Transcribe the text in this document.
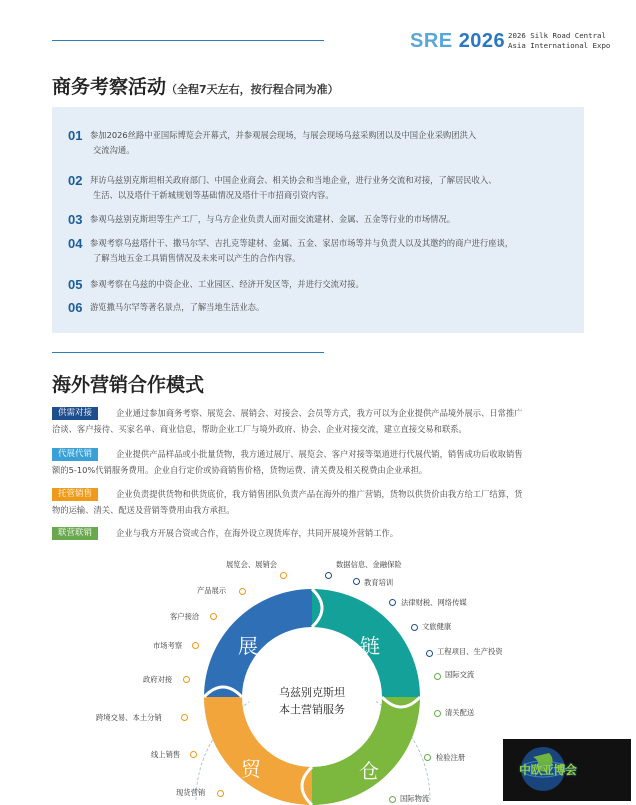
SRE 2026 2026 Silk Road Central
Asia International Expo
商务考察活动（全程7天左右，按行程合同为准）
01 参加2026丝路中亚国际博览会开幕式，并参观展会现场，与展会现场乌兹采购团以及中国企业采购团洪入
交流沟通。
02 拜访乌兹别克斯坦相关政府部门、中国企业商会、相关协会和当地企业，进行业务交流和对接，了解居民收入、
生活、以及塔什干新城规划等基础情况及塔什干市招商引资内容。
03 参观乌兹别克斯坦等生产工厂，与乌方企业负责人面对面交流建材、金属、五金等行业的市场情况。
04 参观考察乌兹塔什干、撒马尔罕、吉扎克等建材、金属、五金、家居市场等并与负责人以及其邀约的商户进行座谈，
了解当地五金工具销售情况及未来可以产生的合作内容。
05 参观考察在乌兹的中资企业、工业园区、经济开发区等，并进行交流对接。
06 游览撒马尔罕等著名景点，了解当地生活业态。
海外营销合作模式
供需对接	企业通过参加商务考察、展览会、展销会、对接会、会员等方式，我方可以为企业提供产品境外展示、日常推广
洽谈、客户接待、买家名单、商业信息，帮助企业工厂与境外政府、协会、企业对接交流，建立直接交易和联系。
代展代销	企业提供产品样品或小批量货物，我方通过展厅、展览会、客户对接等渠道进行代展代销，销售成功后收取销售
额的5-10%代销服务费用。企业自行定价或协商销售价格，货物运费、清关费及相关税费由企业承担。
托管销售	企业负责提供货物和供货底价，我方销售团队负责产品在海外的推广营销，货物以供货价由我方给工厂结算，货
物的运输、清关、配送及营销等费用由我方承担。
联营联销	企业与我方开展合资或合作，在海外设立现货库存，共同开展境外营销工作。
展	链
贸	仓
乌兹别克斯坦
本土营销服务
展览会、展销会
产品展示
客户接洽
市场考察
政府对接
跨境交易、本土分销
线上销售
现货营销
数据信息、金融保险
教育培训
法律财税、网络传媒
文旅健康
工程项目、生产投资
国际交流
清关配送
检验注册
国际物流
中欧亚博会
